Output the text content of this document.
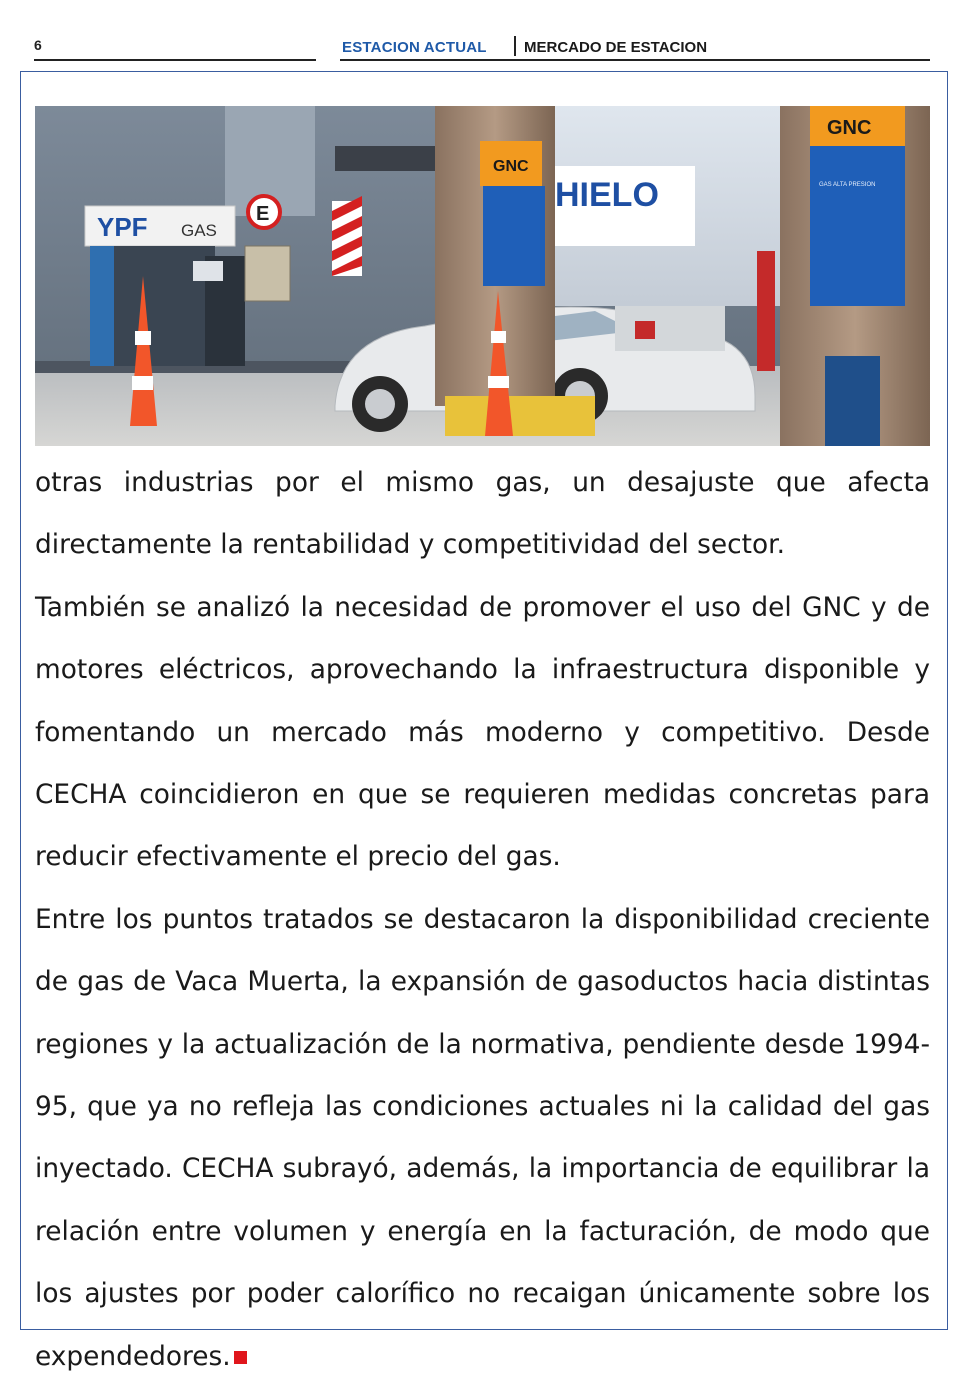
6	ESTACION ACTUAL MERCADO DE ESTACION
YPF GAS
E	HIELO
GNC
GNC
GAS ALTA PRESION

otras industrias por el mismo gas, un desajuste que afecta directamente la rentabilidad y competitividad del sector.

También se analizó la necesidad de promover el uso del GNC y de motores eléctricos, aprovechando la infraestructura disponible y fomentando un mercado más moderno y competitivo. Desde CECHA coincidieron en que se requieren medidas concretas para reducir efectivamente el precio del gas.

Entre los puntos tratados se destacaron la disponibilidad creciente de gas de Vaca Muerta, la expansión de gasoductos hacia distintas regiones y la actualización de la normativa, pendiente desde 1994-95, que ya no refleja las condiciones actuales ni la calidad del gas inyectado. CECHA subrayó, además, la importancia de equilibrar la relación entre volumen y energía en la facturación, de modo que los ajustes por poder calorífico no recaigan únicamente sobre los expendedores.
